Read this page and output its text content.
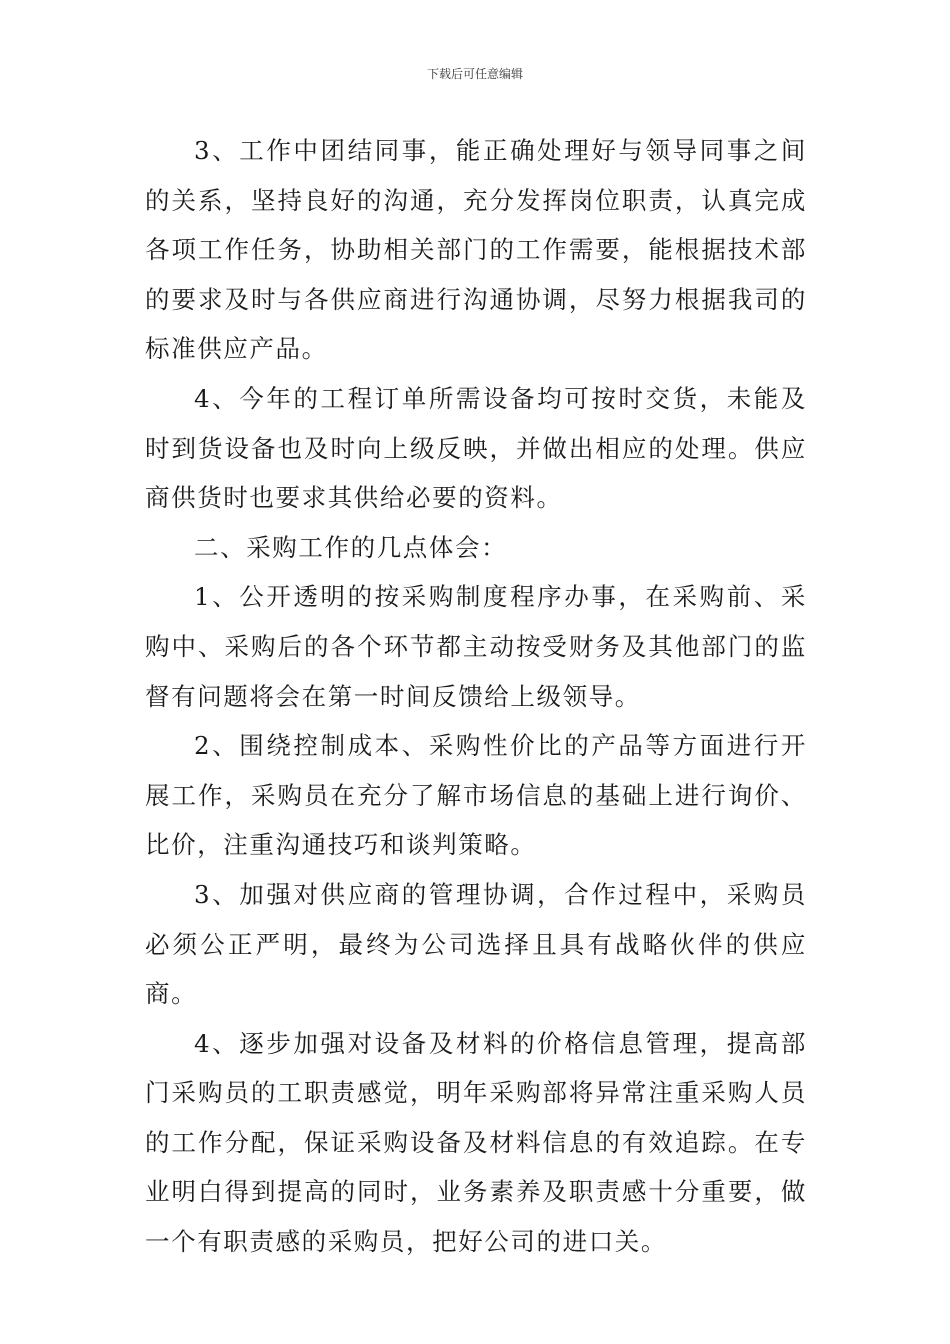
下载后可任意编辑

3、工作中团结同事，能正确处理好与领导同事之间的关系，坚持良好的沟通，充分发挥岗位职责，认真完成各项工作任务，协助相关部门的工作需要，能根据技术部的要求及时与各供应商进行沟通协调，尽努力根据我司的标准供应产品。

4、今年的工程订单所需设备均可按时交货，未能及时到货设备也及时向上级反映，并做出相应的处理。供应商供货时也要求其供给必要的资料。

二、采购工作的几点体会：

1、公开透明的按采购制度程序办事，在采购前、采购中、采购后的各个环节都主动按受财务及其他部门的监督有问题将会在第一时间反馈给上级领导。

2、围绕控制成本、采购性价比的产品等方面进行开展工作，采购员在充分了解市场信息的基础上进行询价、比价，注重沟通技巧和谈判策略。

3、加强对供应商的管理协调，合作过程中，采购员必须公正严明，最终为公司选择且具有战略伙伴的供应商。

4、逐步加强对设备及材料的价格信息管理，提高部门采购员的工职责感觉，明年采购部将异常注重采购人员的工作分配，保证采购设备及材料信息的有效追踪。在专业明白得到提高的同时，业务素养及职责感十分重要，做一个有职责感的采购员，把好公司的进口关。
